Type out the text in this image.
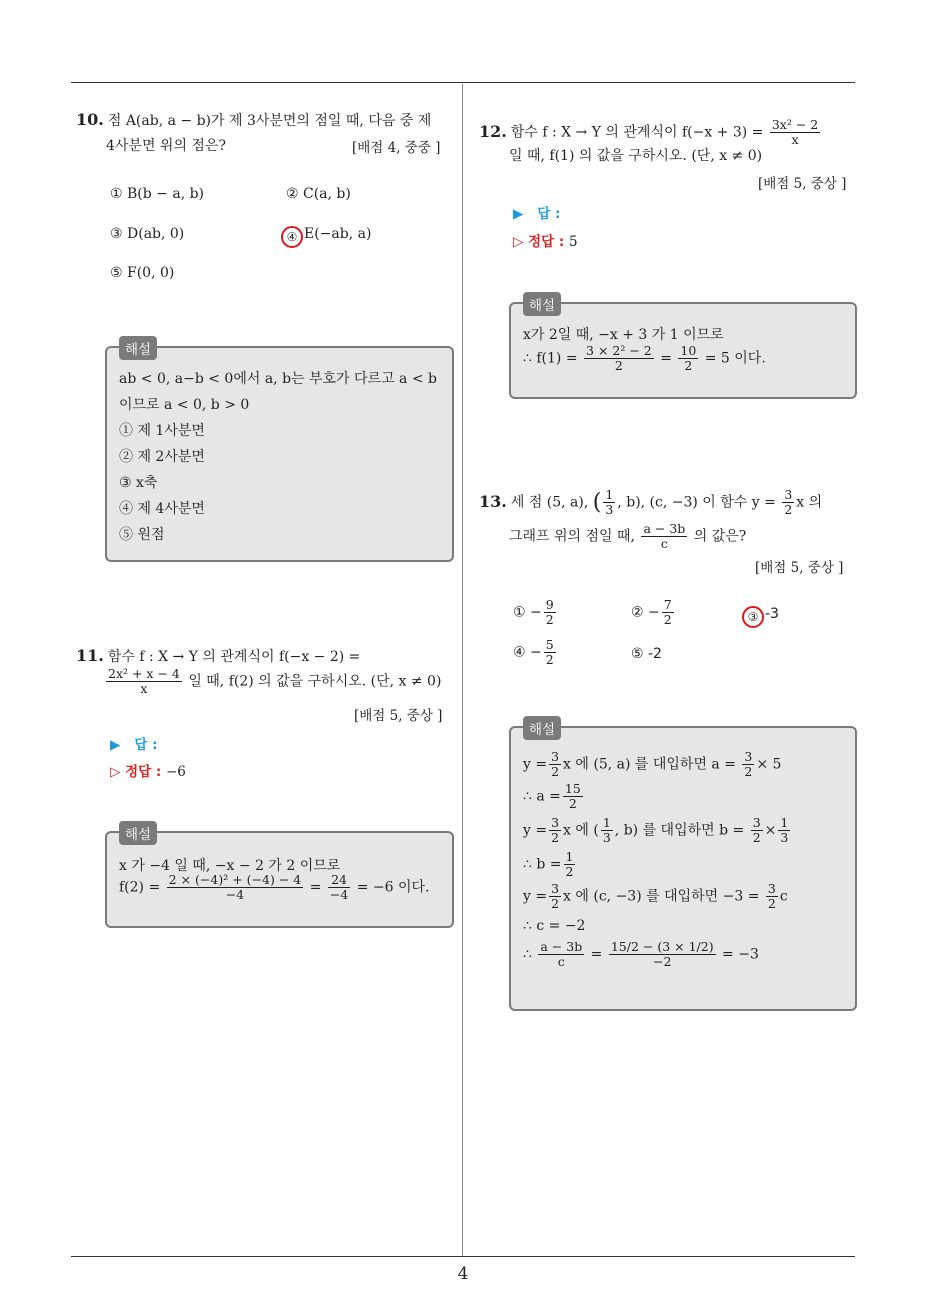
4
10. 점 A(ab, a − b)가 제 3사분면의 점일 때, 다음 중 제
4사분면 위의 점은?	[배점 4, 중중 ]
① B(b − a, b)	② C(a, b)
③ D(ab, 0)	④ E(−ab, a)
⑤ F(0, 0)
해설
ab < 0, a−b < 0에서 a, b는 부호가 다르고 a < b
이므로 a < 0, b > 0
① 제 1사분면
② 제 2사분면
③ x축
④ 제 4사분면
⑤ 원점
11. 함수 f : X → Y 의 관계식이 f(−x − 2) =
$\frac{\text{2x² + x − 4}}{x}$ 일 때, f(2) 의 값을 구하시오. (단, x ≠ 0)
[배점 5, 중상 ]
▶ 답 :
▷ 정답 : −6
해설
x 가 −4 일 때, −x − 2 가 2 이므로
$f(2) = \frac{\text{2 × (−4)² + (−4) − 4}}{-4} = \frac{24}{-4} = -6$ 이다.
12. 함수 f : X → Y 의 관계식이 $f(-x + 3) = \frac{\text{3x² − 2}}{x}$
일 때, f(1) 의 값을 구하시오. (단, x ≠ 0)
[배점 5, 중상 ]
▶ 답 :
▷ 정답 : 5
해설
x가 2일 때, −x + 3 가 1 이므로
∴ $f(1) = \frac{\text{3 × 2² − 2}}{2} = \frac{10}{2} = 5$ 이다.
13. 세 점 (5, a), ( $\frac{1}{3}$ , b), (c, −3) 이 함수 $y = \frac{3}{2}$ x 의
그래프 위의 점일 때, $\frac{a - 3b}{c}$ 의 값은?
[배점 5, 중상 ]
① − $\frac{9}{2}$	② − $\frac{7}{2}$	③ -3
④ − $\frac{5}{2}$	⑤ -2
해설
$y = \frac{3}{2}$ x 에 (5, a) 를 대입하면 $a = \frac{3}{2} \times 5$
∴ $a = \frac{15}{2}$
$y = \frac{3}{2}$ x 에 ( $\frac{1}{3}$ , b) 를 대입하면 $b = \frac{3}{2} \times \frac{1}{3}$
∴ $b = \frac{1}{2}$
$y = \frac{3}{2}$ x 에 (c, −3) 를 대입하면 $-3 = \frac{3}{2}$ c
∴ c = −2
∴ $\frac{a - 3b}{c} = \frac{15/2 - (3 \times 1/2)}{-2} = -3$
